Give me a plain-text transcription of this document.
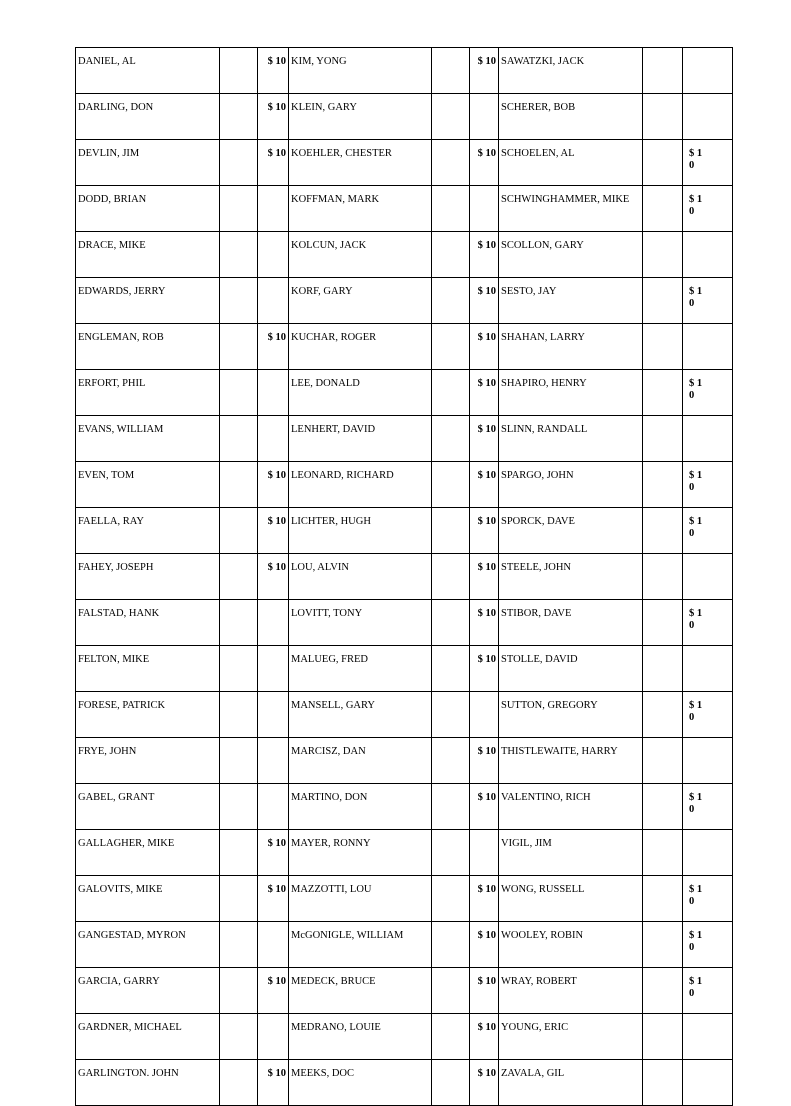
DANIEL, AL		$ 10	KIM, YONG		$ 10	SAWATZKI, JACK		

DARLING, DON		$ 10	KLEIN, GARY			SCHERER, BOB		

DEVLIN, JIM		$ 10	KOEHLER, CHESTER		$ 10	SCHOELEN, AL		$ 10

DODD, BRIAN			KOFFMAN, MARK			SCHWINGHAMMER, MIKE		$ 10

DRACE, MIKE			KOLCUN, JACK		$ 10	SCOLLON, GARY		

EDWARDS, JERRY			KORF, GARY		$ 10	SESTO, JAY		$ 10

ENGLEMAN, ROB		$ 10	KUCHAR, ROGER		$ 10	SHAHAN, LARRY		

ERFORT, PHIL			LEE, DONALD		$ 10	SHAPIRO, HENRY		$ 10

EVANS, WILLIAM			LENHERT, DAVID		$ 10	SLINN, RANDALL		

EVEN, TOM		$ 10	LEONARD, RICHARD		$ 10	SPARGO, JOHN		$ 10

FAELLA, RAY		$ 10	LICHTER, HUGH		$ 10	SPORCK, DAVE		$ 10

FAHEY, JOSEPH		$ 10	LOU, ALVIN		$ 10	STEELE, JOHN		

FALSTAD, HANK			LOVITT, TONY		$ 10	STIBOR, DAVE		$ 10

FELTON, MIKE			MALUEG, FRED		$ 10	STOLLE, DAVID		

FORESE, PATRICK			MANSELL, GARY			SUTTON, GREGORY		$ 10

FRYE, JOHN			MARCISZ, DAN		$ 10	THISTLEWAITE, HARRY		

GABEL, GRANT			MARTINO, DON		$ 10	VALENTINO, RICH		$ 10

GALLAGHER, MIKE		$ 10	MAYER, RONNY			VIGIL, JIM		

GALOVITS, MIKE		$ 10	MAZZOTTI, LOU		$ 10	WONG, RUSSELL		$ 10

GANGESTAD, MYRON			McGONIGLE, WILLIAM		$ 10	WOOLEY, ROBIN		$ 10

GARCIA, GARRY		$ 10	MEDECK, BRUCE		$ 10	WRAY, ROBERT		$ 10

GARDNER, MICHAEL			MEDRANO, LOUIE		$ 10	YOUNG, ERIC		

GARLINGTON. JOHN		$ 10	MEEKS, DOC		$ 10	ZAVALA, GIL		
